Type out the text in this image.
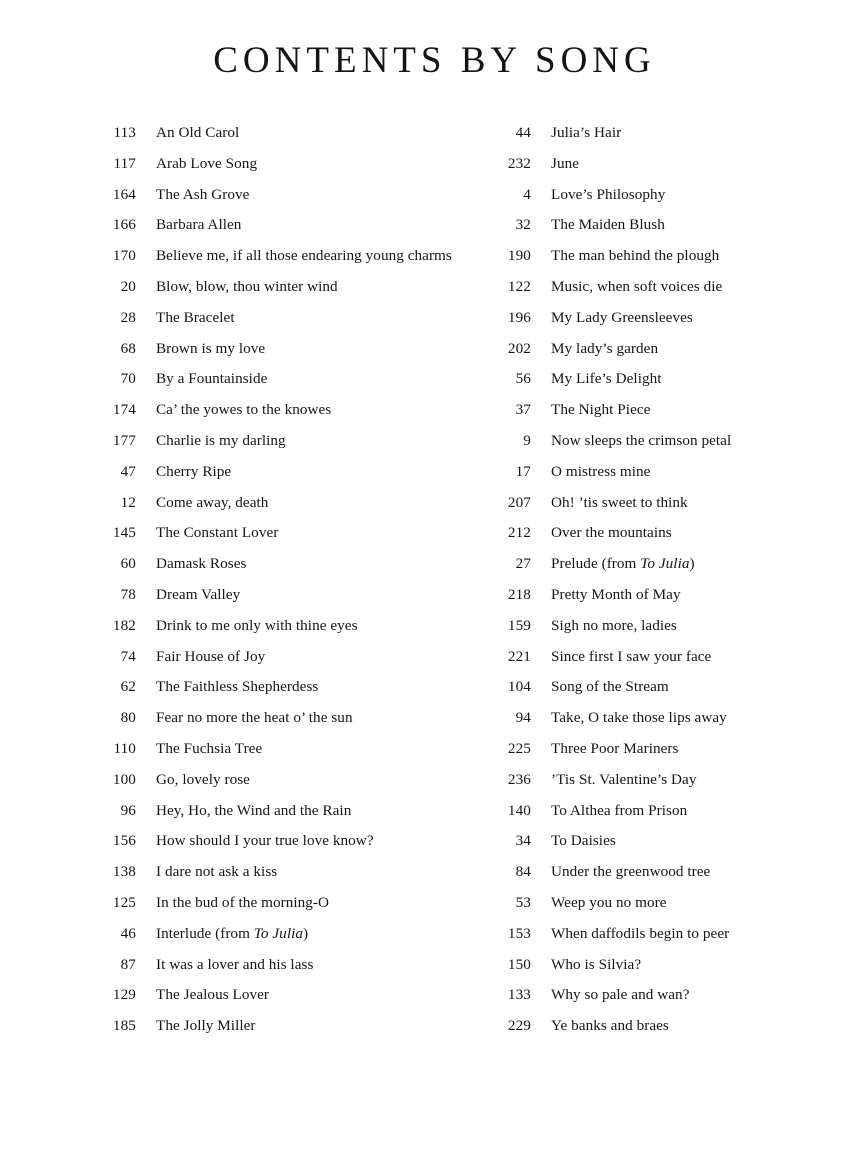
CONTENTS BY SONG
113 An Old Carol
117 Arab Love Song
164 The Ash Grove
166 Barbara Allen
170 Believe me, if all those endearing young charms
20 Blow, blow, thou winter wind
28 The Bracelet
68 Brown is my love
70 By a Fountainside
174 Ca’ the yowes to the knowes
177 Charlie is my darling
47 Cherry Ripe
12 Come away, death
145 The Constant Lover
60 Damask Roses
78 Dream Valley
182 Drink to me only with thine eyes
74 Fair House of Joy
62 The Faithless Shepherdess
80 Fear no more the heat o’ the sun
110 The Fuchsia Tree
100 Go, lovely rose
96 Hey, Ho, the Wind and the Rain
156 How should I your true love know?
138 I dare not ask a kiss
125 In the bud of the morning-O
46 Interlude (from To Julia)
87 It was a lover and his lass
129 The Jealous Lover
185 The Jolly Miller
44 Julia’s Hair
232 June
4 Love’s Philosophy
32 The Maiden Blush
190 The man behind the plough
122 Music, when soft voices die
196 My Lady Greensleeves
202 My lady’s garden
56 My Life’s Delight
37 The Night Piece
9 Now sleeps the crimson petal
17 O mistress mine
207 Oh! ’tis sweet to think
212 Over the mountains
27 Prelude (from To Julia)
218 Pretty Month of May
159 Sigh no more, ladies
221 Since first I saw your face
104 Song of the Stream
94 Take, O take those lips away
225 Three Poor Mariners
236 ’Tis St. Valentine’s Day
140 To Althea from Prison
34 To Daisies
84 Under the greenwood tree
53 Weep you no more
153 When daffodils begin to peer
150 Who is Silvia?
133 Why so pale and wan?
229 Ye banks and braes
